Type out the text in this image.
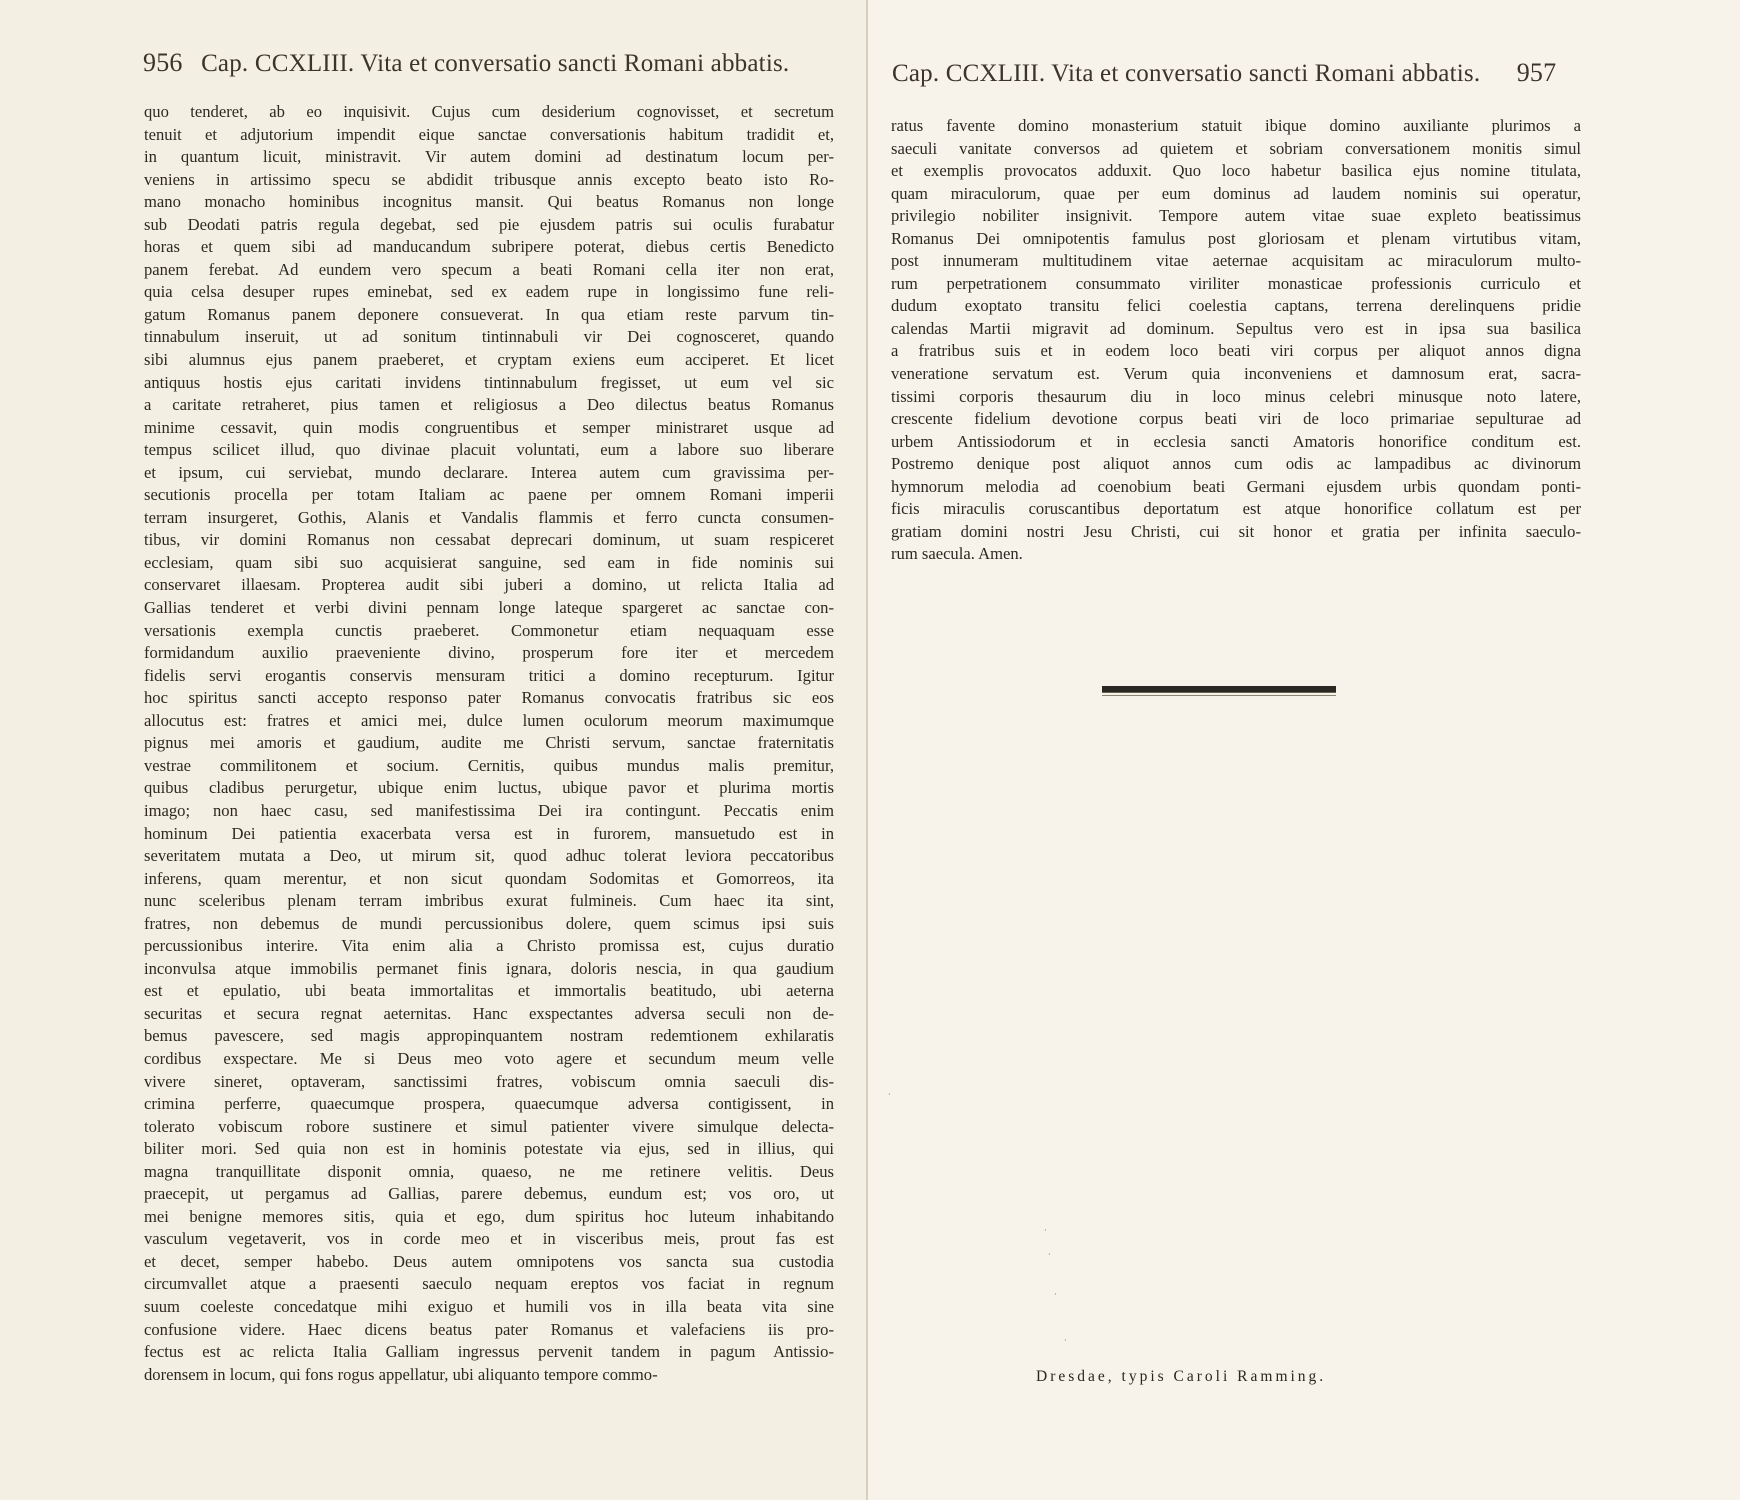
956 Cap. CCXLIII. Vita et conversatio sancti Romani abbatis.
quo tenderet, ab eo inquisivit. Cujus cum desiderium cognovisset, et secretum
tenuit et adjutorium impendit eique sanctae conversationis habitum tradidit et,
in quantum licuit, ministravit. Vir autem domini ad destinatum locum per-
veniens in artissimo specu se abdidit tribusque annis excepto beato isto Ro-
mano monacho hominibus incognitus mansit. Qui beatus Romanus non longe
sub Deodati patris regula degebat, sed pie ejusdem patris sui oculis furabatur
horas et quem sibi ad manducandum subripere poterat, diebus certis Benedicto
panem ferebat. Ad eundem vero specum a beati Romani cella iter non erat,
quia celsa desuper rupes eminebat, sed ex eadem rupe in longissimo fune reli-
gatum Romanus panem deponere consueverat. In qua etiam reste parvum tin-
tinnabulum inseruit, ut ad sonitum tintinnabuli vir Dei cognosceret, quando
sibi alumnus ejus panem praeberet, et cryptam exiens eum acciperet. Et licet
antiquus hostis ejus caritati invidens tintinnabulum fregisset, ut eum vel sic
a caritate retraheret, pius tamen et religiosus a Deo dilectus beatus Romanus
minime cessavit, quin modis congruentibus et semper ministraret usque ad
tempus scilicet illud, quo divinae placuit voluntati, eum a labore suo liberare
et ipsum, cui serviebat, mundo declarare. Interea autem cum gravissima per-
secutionis procella per totam Italiam ac paene per omnem Romani imperii
terram insurgeret, Gothis, Alanis et Vandalis flammis et ferro cuncta consumen-
tibus, vir domini Romanus non cessabat deprecari dominum, ut suam respiceret
ecclesiam, quam sibi suo acquisierat sanguine, sed eam in fide nominis sui
conservaret illaesam. Propterea audit sibi juberi a domino, ut relicta Italia ad
Gallias tenderet et verbi divini pennam longe lateque spargeret ac sanctae con-
versationis exempla cunctis praeberet. Commonetur etiam nequaquam esse
formidandum auxilio praeveniente divino, prosperum fore iter et mercedem
fidelis servi erogantis conservis mensuram tritici a domino recepturum. Igitur
hoc spiritus sancti accepto responso pater Romanus convocatis fratribus sic eos
allocutus est: fratres et amici mei, dulce lumen oculorum meorum maximumque
pignus mei amoris et gaudium, audite me Christi servum, sanctae fraternitatis
vestrae commilitonem et socium. Cernitis, quibus mundus malis premitur,
quibus cladibus perurgetur, ubique enim luctus, ubique pavor et plurima mortis
imago; non haec casu, sed manifestissima Dei ira contingunt. Peccatis enim
hominum Dei patientia exacerbata versa est in furorem, mansuetudo est in
severitatem mutata a Deo, ut mirum sit, quod adhuc tolerat leviora peccatoribus
inferens, quam merentur, et non sicut quondam Sodomitas et Gomorreos, ita
nunc sceleribus plenam terram imbribus exurat fulmineis. Cum haec ita sint,
fratres, non debemus de mundi percussionibus dolere, quem scimus ipsi suis
percussionibus interire. Vita enim alia a Christo promissa est, cujus duratio
inconvulsa atque immobilis permanet finis ignara, doloris nescia, in qua gaudium
est et epulatio, ubi beata immortalitas et immortalis beatitudo, ubi aeterna
securitas et secura regnat aeternitas. Hanc exspectantes adversa seculi non de-
bemus pavescere, sed magis appropinquantem nostram redemtionem exhilaratis
cordibus exspectare. Me si Deus meo voto agere et secundum meum velle
vivere sineret, optaveram, sanctissimi fratres, vobiscum omnia saeculi dis-
crimina perferre, quaecumque prospera, quaecumque adversa contigissent, in
tolerato vobiscum robore sustinere et simul patienter vivere simulque delecta-
biliter mori. Sed quia non est in hominis potestate via ejus, sed in illius, qui
magna tranquillitate disponit omnia, quaeso, ne me retinere velitis. Deus
praecepit, ut pergamus ad Gallias, parere debemus, eundum est; vos oro, ut
mei benigne memores sitis, quia et ego, dum spiritus hoc luteum inhabitando
vasculum vegetaverit, vos in corde meo et in visceribus meis, prout fas est
et decet, semper habebo. Deus autem omnipotens vos sancta sua custodia
circumvallet atque a praesenti saeculo nequam ereptos vos faciat in regnum
suum coeleste concedatque mihi exiguo et humili vos in illa beata vita sine
confusione videre. Haec dicens beatus pater Romanus et valefaciens iis pro-
fectus est ac relicta Italia Galliam ingressus pervenit tandem in pagum Antissio-
dorensem in locum, qui fons rogus appellatur, ubi aliquanto tempore commo-
Cap. CCXLIII. Vita et conversatio sancti Romani abbatis. 957
ratus favente domino monasterium statuit ibique domino auxiliante plurimos a
saeculi vanitate conversos ad quietem et sobriam conversationem monitis simul
et exemplis provocatos adduxit. Quo loco habetur basilica ejus nomine titulata,
quam miraculorum, quae per eum dominus ad laudem nominis sui operatur,
privilegio nobiliter insignivit. Tempore autem vitae suae expleto beatissimus
Romanus Dei omnipotentis famulus post gloriosam et plenam virtutibus vitam,
post innumeram multitudinem vitae aeternae acquisitam ac miraculorum multo-
rum perpetrationem consummato viriliter monasticae professionis curriculo et
dudum exoptato transitu felici coelestia captans, terrena derelinquens pridie
calendas Martii migravit ad dominum. Sepultus vero est in ipsa sua basilica
a fratribus suis et in eodem loco beati viri corpus per aliquot annos digna
veneratione servatum est. Verum quia inconveniens et damnosum erat, sacra-
tissimi corporis thesaurum diu in loco minus celebri minusque noto latere,
crescente fidelium devotione corpus beati viri de loco primariae sepulturae ad
urbem Antissiodorum et in ecclesia sancti Amatoris honorifice conditum est.
Postremo denique post aliquot annos cum odis ac lampadibus ac divinorum
hymnorum melodia ad coenobium beati Germani ejusdem urbis quondam ponti-
ficis miraculis coruscantibus deportatum est atque honorifice collatum est per
gratiam domini nostri Jesu Christi, cui sit honor et gratia per infinita saeculo-
rum saecula. Amen.
·
·
·
·
·
Dresdae, typis Caroli Ramming.
